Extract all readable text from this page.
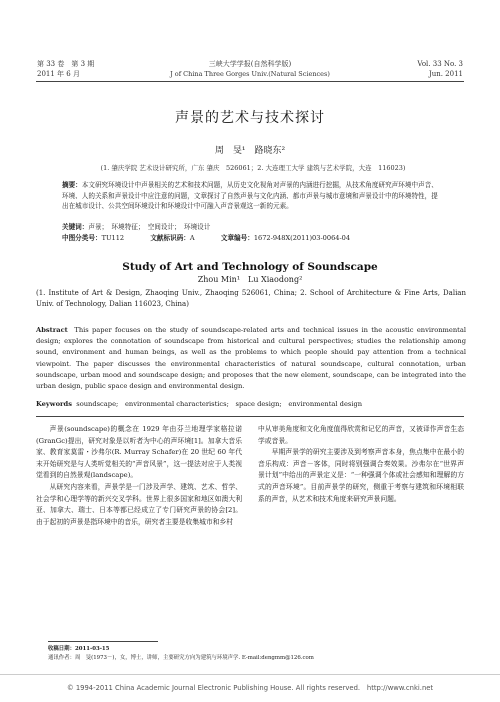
第 33 卷　第 3 期
2011 年 6 月
三峡大学学报(自然科学版)
J of China Three Gorges Univ.(Natural Sciences)
Vol. 33 No. 3
Jun. 2011
声景的艺术与技术探讨
周　旻¹　路晓东²
(1. 肇庆学院 艺术设计研究所，广东 肇庆　526061；2. 大连理工大学 建筑与艺术学院，大连　116023)
摘要：本文研究环境设计中声景相关的艺术和技术问题，从历史文化视角对声景的内涵进行挖掘，从技术角度研究声环境中声音、环境、人的关系和声景设计中应注意的问题，文章探讨了自然声景与文化内涵、都市声景与城市意境和声景设计中的环境特性，提出在城市设计、公共空间环境设计和环境设计中可融入声音景观这一新的元素。
关键词：声景；　环境特征；　空间设计；　环境设计
中图分类号：TU112	文献标识码：A	文章编号：1672-948X(2011)03-0064-04
Study of Art and Technology of Soundscape
Zhou Min¹　Lu Xiaodong²
(1. Institute of Art & Design, Zhaoqing Univ., Zhaoqing 526061, China; 2. School of Architecture & Fine Arts, Dalian Univ. of Technology, Dalian 116023, China)
Abstract This paper focuses on the study of soundscape-related arts and technical issues in the acoustic environmental design; explores the connotation of soundscape from historical and cultural perspectives; studies the relationship among sound, environment and human beings, as well as the problems to which people should pay attention from a technical viewpoint. The paper discusses the environmental characteristics of natural soundscape, cultural connotation, urban soundscape, urban mood and soundscape design; and proposes that the new element, soundscape, can be integrated into the urban design, public space design and environmental design.
Keywords soundscape;　environmental characteristics;　space design;　environmental design
声景(soundscape)的概念在 1929 年由芬兰地理学家格拉诺(GranGc)提出，研究对象是以听者为中心的声环境[1]。加拿大音乐家、教育家莫雷・沙弗尔(R. Murray Schafer)在 20 世纪 60 年代末开始研究是与人类听觉相关的“声音风景”，这一提法对应于人类视觉看到的自然景观(landscape)。
从研究内容来看，声景学是一门涉及声学、建筑、艺术、哲学、社会学和心理学等的新兴交叉学科。世界上很多国家和地区如澳大利亚、加拿大、瑞士、日本等都已经成立了专门研究声景的协会[2]。由于起初的声景是指环境中的音乐，研究者主要是收集城市和乡村
中从审美角度和文化角度值得欣赏和记忆的声音，又被译作声音生态学或音景。
早期声景学的研究主要涉及到考察声音本身，焦点集中在最小的音乐构成：声音－客体，同时将别强调合奏效果。沙弗尔在“世界声景计划”中给出的声景定义是：“一种强调个体或社会感知和理解的方式的声音环境”。目前声景学的研究，侧重于考察与建筑和环境相联系的声音，从艺术和技术角度来研究声景问题。
收稿日期：2011-03-15
通讯作者：周　旻(1973－)，女，博士，讲师，主要研究方向为建筑与环境声学. E-mail:dengmm@126.com
© 1994-2011 China Academic Journal Electronic Publishing House. All rights reserved.　http://www.cnki.net
